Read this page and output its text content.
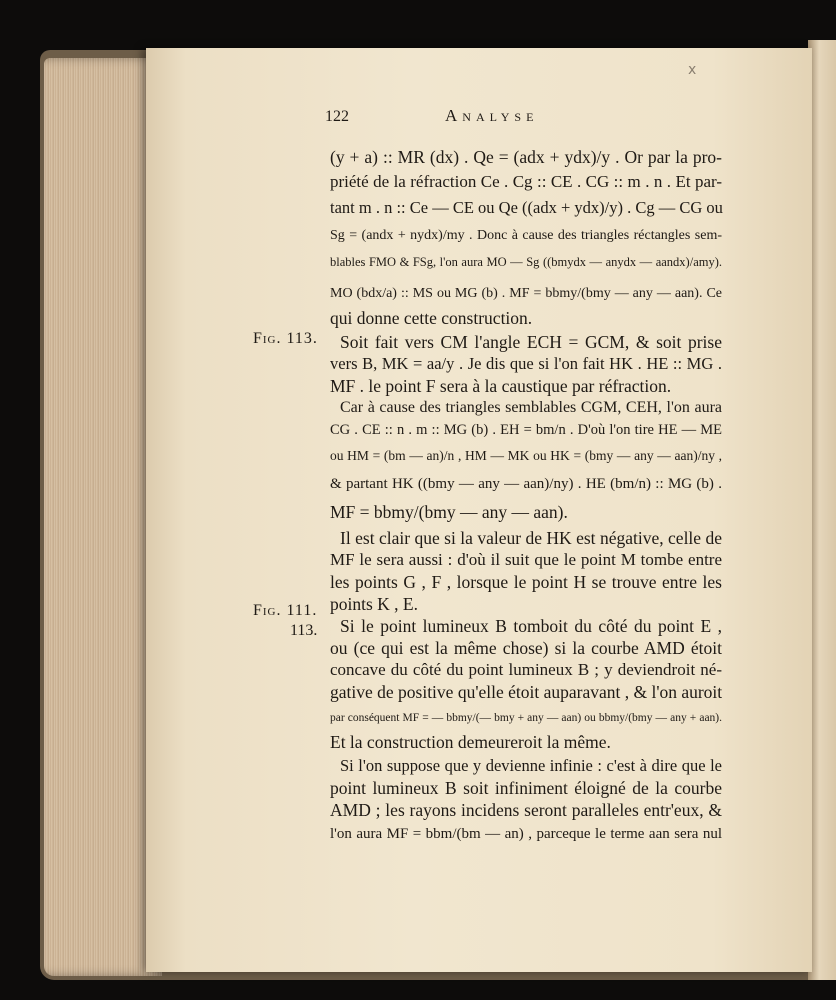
x
122	Analyse
Fig. 113.
Fig. 111.
113.
(y + a) :: MR (dx) . Qe = (adx + ydx)/y . Or par la pro-
priété de la réfraction Ce . Cg :: CE . CG :: m . n . Et par-
tant m . n :: Ce — CE ou Qe ((adx + ydx)/y) . Cg — CG ou
Sg = (andx + nydx)/my . Donc à cause des triangles réctangles sem-
blables FMO & FSg, l'on aura MO — Sg ((bmydx — anydx — aandx)/amy).
MO (bdx/a) :: MS ou MG (b) . MF = bbmy/(bmy — any — aan). Ce
qui donne cette construction.
Soit fait vers CM l'angle ECH = GCM, & soit prise
vers B, MK = aa/y . Je dis que si l'on fait HK . HE :: MG .
MF . le point F sera à la caustique par réfraction.
Car à cause des triangles semblables CGM, CEH, l'on aura
CG . CE :: n . m :: MG (b) . EH = bm/n . D'où l'on tire HE — ME
ou HM = (bm — an)/n , HM — MK ou HK = (bmy — any — aan)/ny ,
& partant HK ((bmy — any — aan)/ny) . HE (bm/n) :: MG (b) .
MF = bbmy/(bmy — any — aan).
Il est clair que si la valeur de HK est négative, celle de
MF le sera aussi : d'où il suit que le point M tombe entre
les points G , F , lorsque le point H se trouve entre les
points K , E.
Si le point lumineux B tomboit du côté du point E ,
ou (ce qui est la même chose) si la courbe AMD étoit
concave du côté du point lumineux B ; y deviendroit né-
gative de positive qu'elle étoit auparavant , & l'on auroit
par conséquent MF = — bbmy/(— bmy + any — aan) ou bbmy/(bmy — any + aan).
Et la construction demeureroit la même.
Si l'on suppose que y devienne infinie : c'est à dire que le
point lumineux B soit infiniment éloigné de la courbe
AMD ; les rayons incidens seront paralleles entr'eux, &
l'on aura MF = bbm/(bm — an) , parceque le terme aan sera nul
